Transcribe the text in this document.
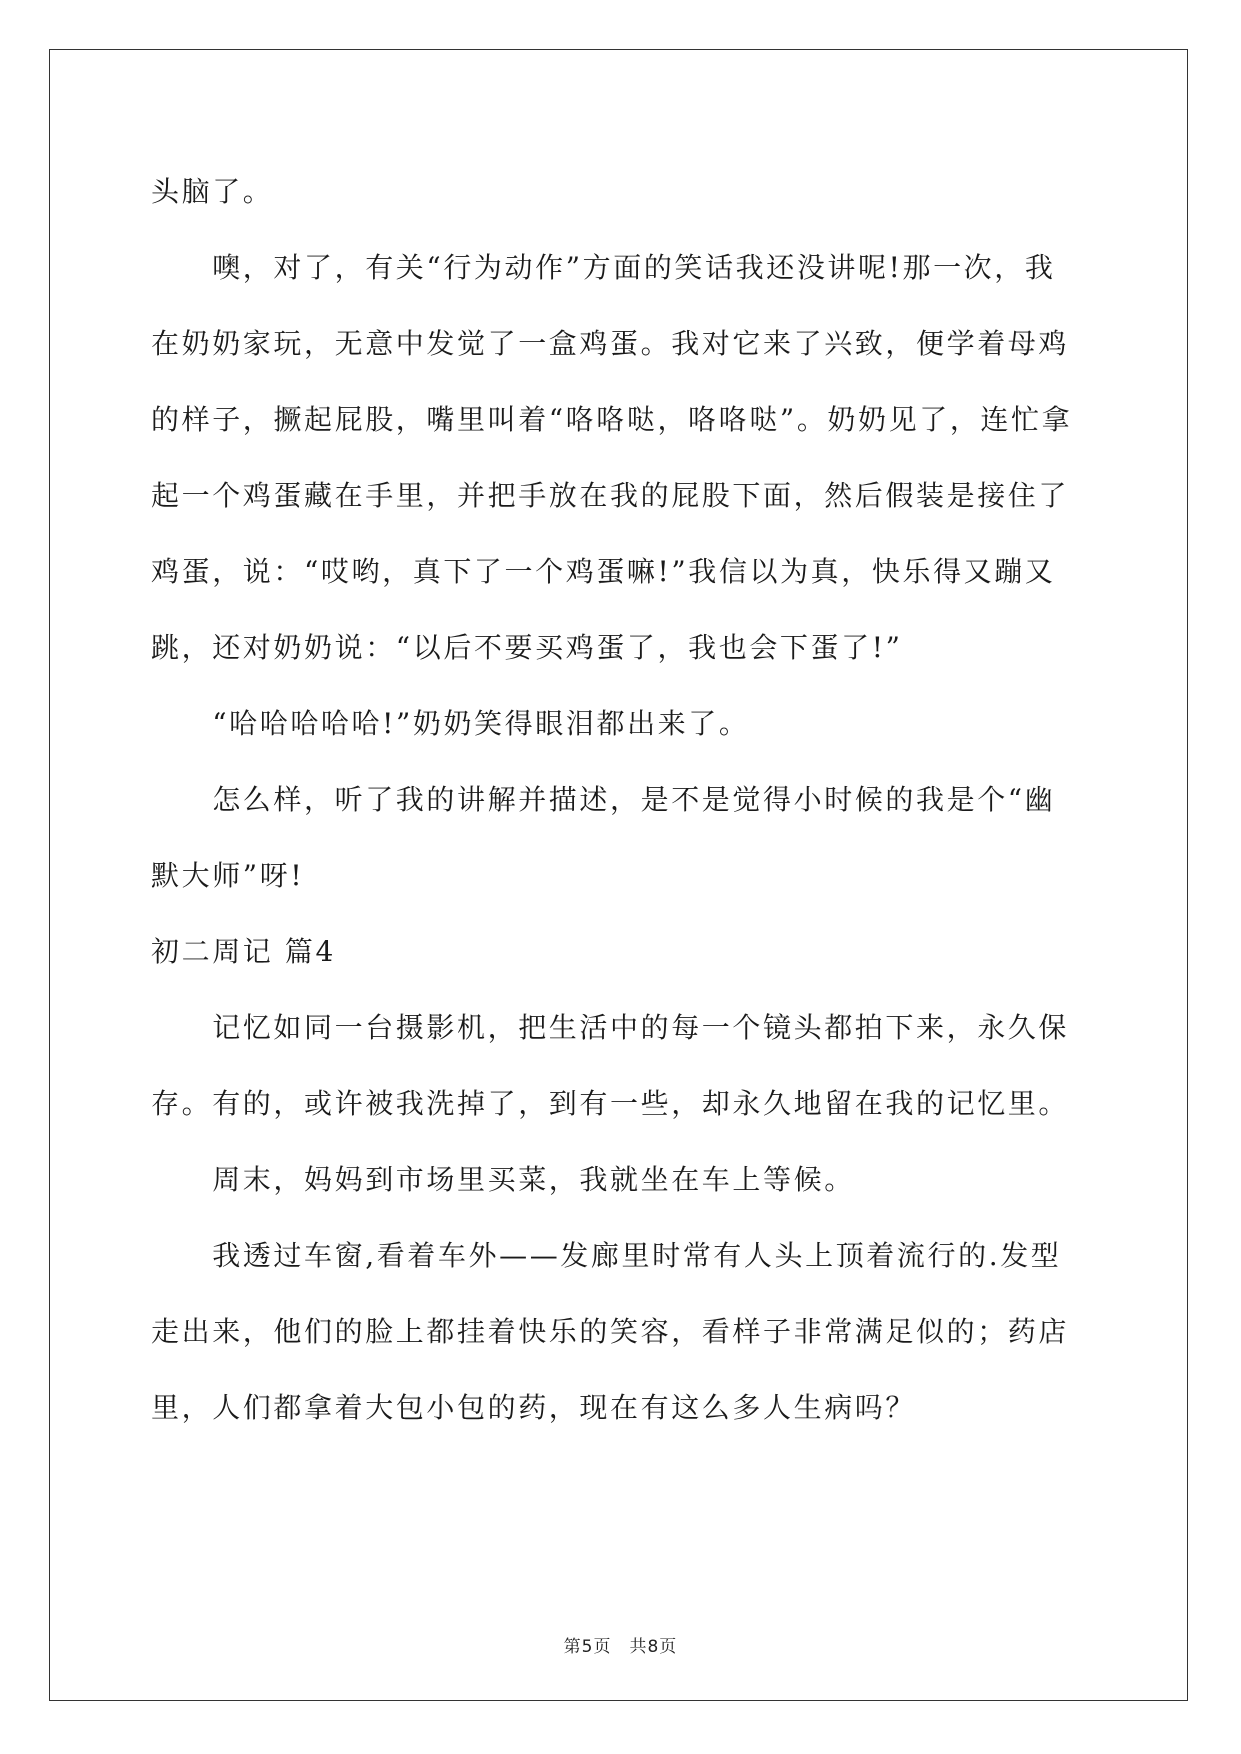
头脑了。
　　噢，对了，有关“行为动作”方面的笑话我还没讲呢!那一次，我
在奶奶家玩，无意中发觉了一盒鸡蛋。我对它来了兴致，便学着母鸡
的样子，撅起屁股，嘴里叫着“咯咯哒，咯咯哒”。奶奶见了，连忙拿
起一个鸡蛋藏在手里，并把手放在我的屁股下面，然后假装是接住了
鸡蛋，说：“哎哟，真下了一个鸡蛋嘛!”我信以为真，快乐得又蹦又
跳，还对奶奶说：“以后不要买鸡蛋了，我也会下蛋了!”
　　“哈哈哈哈哈!”奶奶笑得眼泪都出来了。
　　怎么样，听了我的讲解并描述，是不是觉得小时候的我是个“幽
默大师”呀!
初二周记 篇4
　　记忆如同一台摄影机，把生活中的每一个镜头都拍下来，永久保
存。有的，或许被我洗掉了，到有一些，却永久地留在我的记忆里。
　　周末，妈妈到市场里买菜，我就坐在车上等候。
　　我透过车窗,看着车外——发廊里时常有人头上顶着流行的.发型
走出来，他们的脸上都挂着快乐的笑容，看样子非常满足似的；药店
里，人们都拿着大包小包的药，现在有这么多人生病吗？
第5页　共8页
